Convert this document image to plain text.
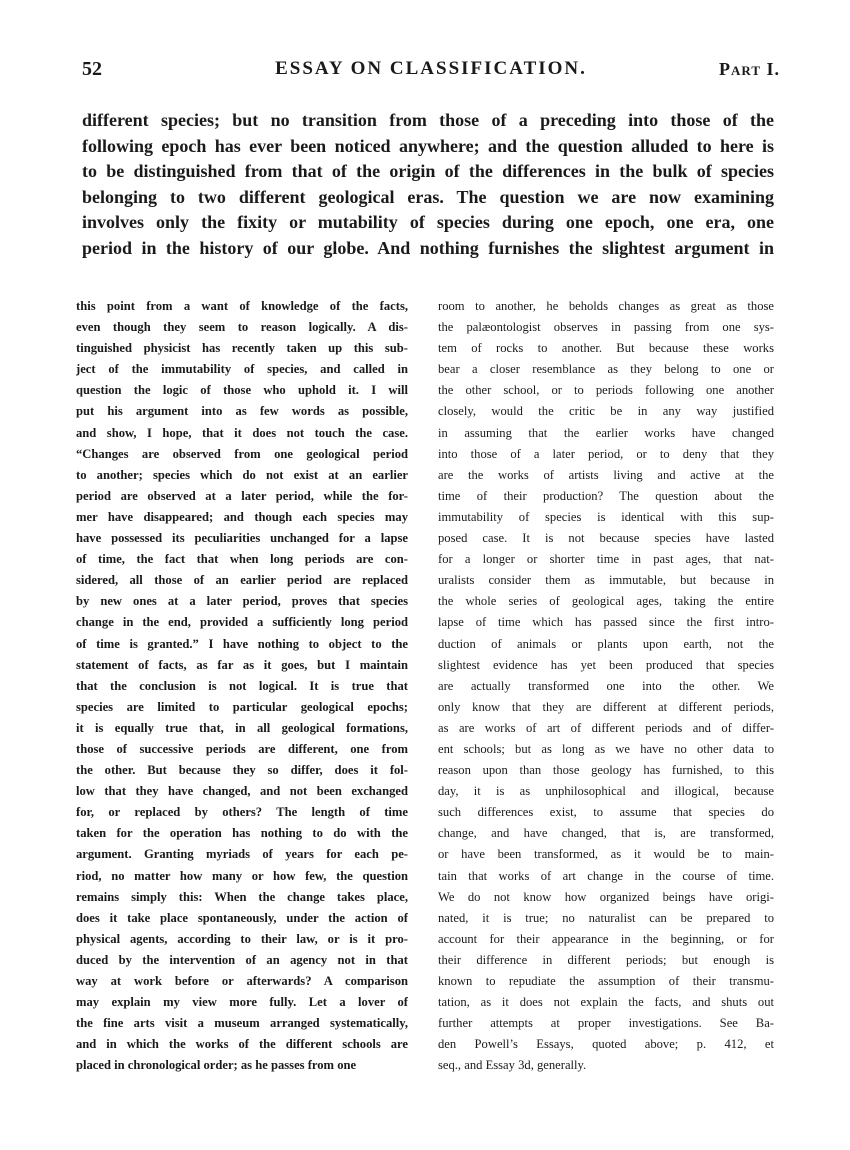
52	ESSAY ON CLASSIFICATION.	Part I.
different species; but no transition from those of a preceding into those of the
following epoch has ever been noticed anywhere; and the question alluded to here is
to be distinguished from that of the origin of the differences in the bulk of species
belonging to two different geological eras. The question we are now examining
involves only the fixity or mutability of species during one epoch, one era, one
period in the history of our globe. And nothing furnishes the slightest argument in
this point from a want of knowledge of the facts,
even though they seem to reason logically. A dis-
tinguished physicist has recently taken up this sub-
ject of the immutability of species, and called in
question the logic of those who uphold it. I will
put his argument into as few words as possible,
and show, I hope, that it does not touch the case.
“Changes are observed from one geological period
to another; species which do not exist at an earlier
period are observed at a later period, while the for-
mer have disappeared; and though each species may
have possessed its peculiarities unchanged for a lapse
of time, the fact that when long periods are con-
sidered, all those of an earlier period are replaced
by new ones at a later period, proves that species
change in the end, provided a sufficiently long period
of time is granted.” I have nothing to object to the
statement of facts, as far as it goes, but I maintain
that the conclusion is not logical. It is true that
species are limited to particular geological epochs;
it is equally true that, in all geological formations,
those of successive periods are different, one from
the other. But because they so differ, does it fol-
low that they have changed, and not been exchanged
for, or replaced by others? The length of time
taken for the operation has nothing to do with the
argument. Granting myriads of years for each pe-
riod, no matter how many or how few, the question
remains simply this: When the change takes place,
does it take place spontaneously, under the action of
physical agents, according to their law, or is it pro-
duced by the intervention of an agency not in that
way at work before or afterwards? A comparison
may explain my view more fully. Let a lover of
the fine arts visit a museum arranged systematically,
and in which the works of the different schools are
placed in chronological order; as he passes from one
room to another, he beholds changes as great as those
the palæontologist observes in passing from one sys-
tem of rocks to another. But because these works
bear a closer resemblance as they belong to one or
the other school, or to periods following one another
closely, would the critic be in any way justified
in assuming that the earlier works have changed
into those of a later period, or to deny that they
are the works of artists living and active at the
time of their production? The question about the
immutability of species is identical with this sup-
posed case. It is not because species have lasted
for a longer or shorter time in past ages, that nat-
uralists consider them as immutable, but because in
the whole series of geological ages, taking the entire
lapse of time which has passed since the first intro-
duction of animals or plants upon earth, not the
slightest evidence has yet been produced that species
are actually transformed one into the other. We
only know that they are different at different periods,
as are works of art of different periods and of differ-
ent schools; but as long as we have no other data to
reason upon than those geology has furnished, to this
day, it is as unphilosophical and illogical, because
such differences exist, to assume that species do
change, and have changed, that is, are transformed,
or have been transformed, as it would be to main-
tain that works of art change in the course of time.
We do not know how organized beings have origi-
nated, it is true; no naturalist can be prepared to
account for their appearance in the beginning, or for
their difference in different periods; but enough is
known to repudiate the assumption of their transmu-
tation, as it does not explain the facts, and shuts out
further attempts at proper investigations. See Ba-
den Powell’s Essays, quoted above; p. 412, et
seq., and Essay 3d, generally.
